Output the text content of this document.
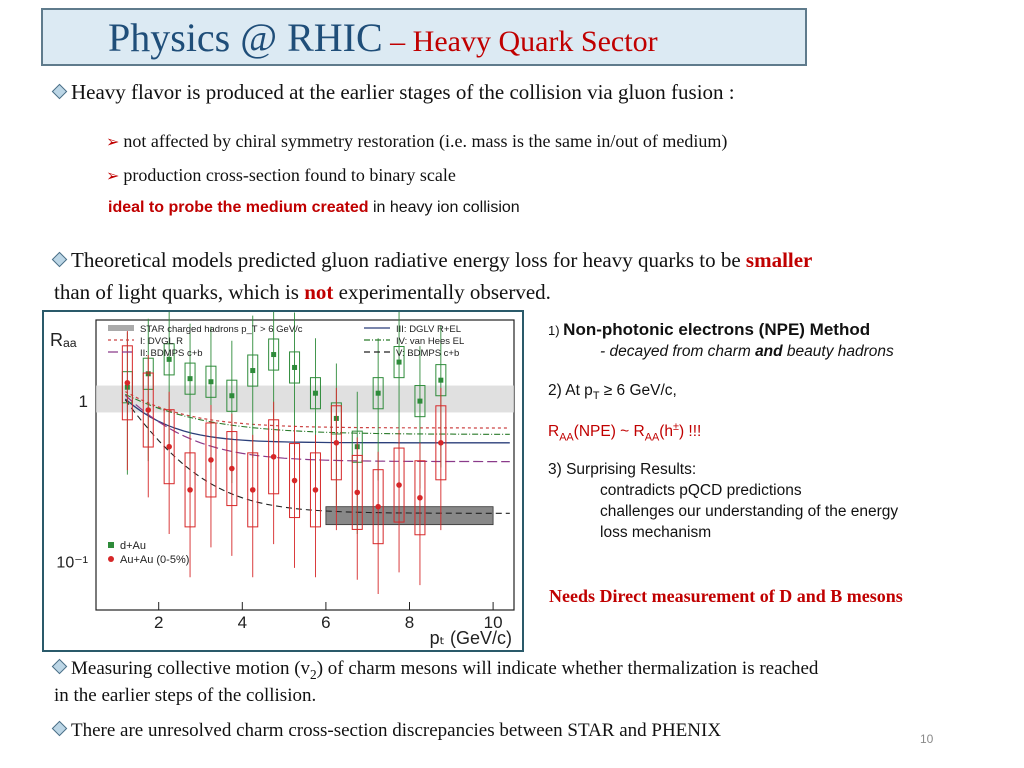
Physics @ RHIC – Heavy Quark Sector
Heavy flavor is produced at the earlier stages of the collision via gluon fusion :
➢ not affected by chiral symmetry restoration (i.e. mass is the same in/out of medium)
➢ production cross-section found to binary scale
ideal to probe the medium created in heavy ion collision
Theoretical models predicted gluon radiative energy loss for heavy quarks to be smaller
than of light quarks, which is not experimentally observed.
2	4	6	8	10
1
10⁻¹
pₜ (GeV/c)
Rₐₐ
STAR charged hadrons p_T > 6 GeV/c
I: DVGL R
II: BDMPS c+b
III: DGLV R+EL
IV: van Hees EL
V: BDMPS c+b
d+Au
Au+Au (0-5%)
1) Non-photonic electrons (NPE) Method
- decayed from charm and beauty hadrons
2) At $p_T \ge 6$ GeV/c,
$R_{AA}(NPE)$ ~ $R_{AA}(h^\pm)$ !!!
3) Surprising Results:
contradicts pQCD predictions
challenges our understanding of the energy
loss mechanism
Needs Direct measurement of D and B mesons
Measuring collective motion $(v_2)$ of charm mesons will indicate whether thermalization is reached
in the earlier steps of the collision.
There are unresolved charm cross-section discrepancies between STAR and PHENIX	10
